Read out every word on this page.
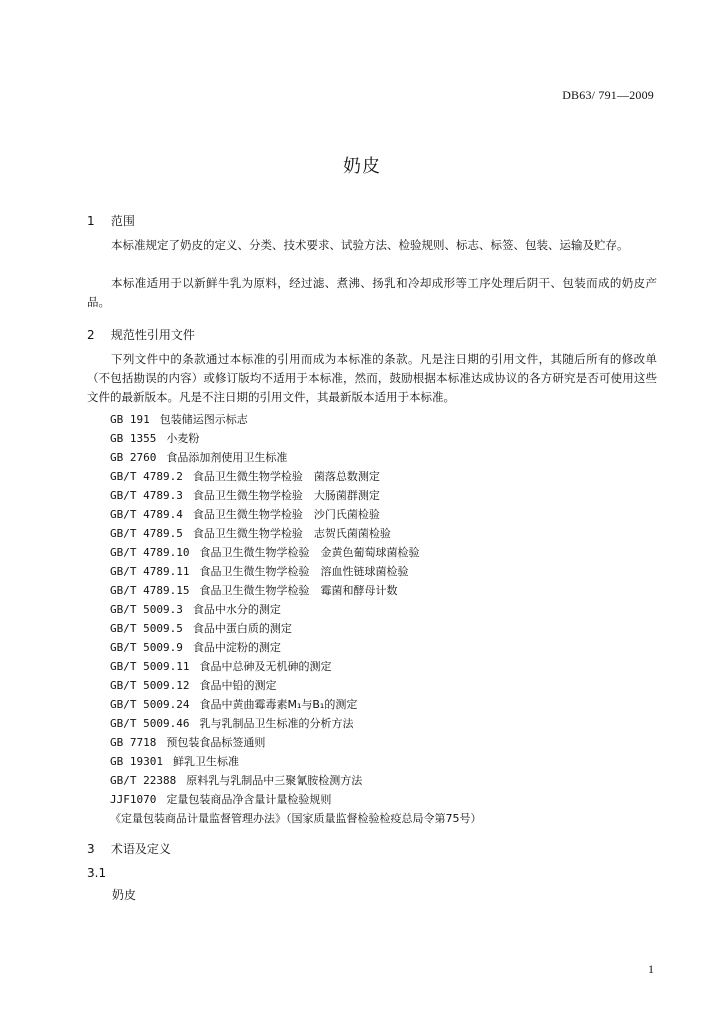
DB63/ 791—2009
奶皮
1 范围
本标准规定了奶皮的定义、分类、技术要求、试验方法、检验规则、标志、标签、包装、运输及贮存。
本标准适用于以新鲜牛乳为原料，经过滤、煮沸、扬乳和冷却成形等工序处理后阴干、包装而成的奶皮产品。
2 规范性引用文件
下列文件中的条款通过本标准的引用而成为本标准的条款。凡是注日期的引用文件，其随后所有的修改单（不包括勘误的内容）或修订版均不适用于本标准，然而，鼓励根据本标准达成协议的各方研究是否可使用这些文件的最新版本。凡是不注日期的引用文件，其最新版本适用于本标准。
GB 191 包装储运图示标志
GB 1355 小麦粉
GB 2760 食品添加剂使用卫生标准
GB/T 4789.2 食品卫生微生物学检验　菌落总数测定
GB/T 4789.3 食品卫生微生物学检验　大肠菌群测定
GB/T 4789.4 食品卫生微生物学检验　沙门氏菌检验
GB/T 4789.5 食品卫生微生物学检验　志贺氏菌菌检验
GB/T 4789.10 食品卫生微生物学检验　金黄色葡萄球菌检验
GB/T 4789.11 食品卫生微生物学检验　溶血性链球菌检验
GB/T 4789.15 食品卫生微生物学检验　霉菌和酵母计数
GB/T 5009.3 食品中水分的测定
GB/T 5009.5 食品中蛋白质的测定
GB/T 5009.9 食品中淀粉的测定
GB/T 5009.11 食品中总砷及无机砷的测定
GB/T 5009.12 食品中铅的测定
GB/T 5009.24 食品中黄曲霉毒素M₁与B₁的测定
GB/T 5009.46 乳与乳制品卫生标准的分析方法
GB 7718 预包装食品标签通则
GB 19301 鲜乳卫生标准
GB/T 22388 原料乳与乳制品中三聚氰胺检测方法
JJF1070 定量包装商品净含量计量检验规则
《定量包装商品计量监督管理办法》（国家质量监督检验检疫总局令第75号）
3 术语及定义
3.1
奶皮
1
